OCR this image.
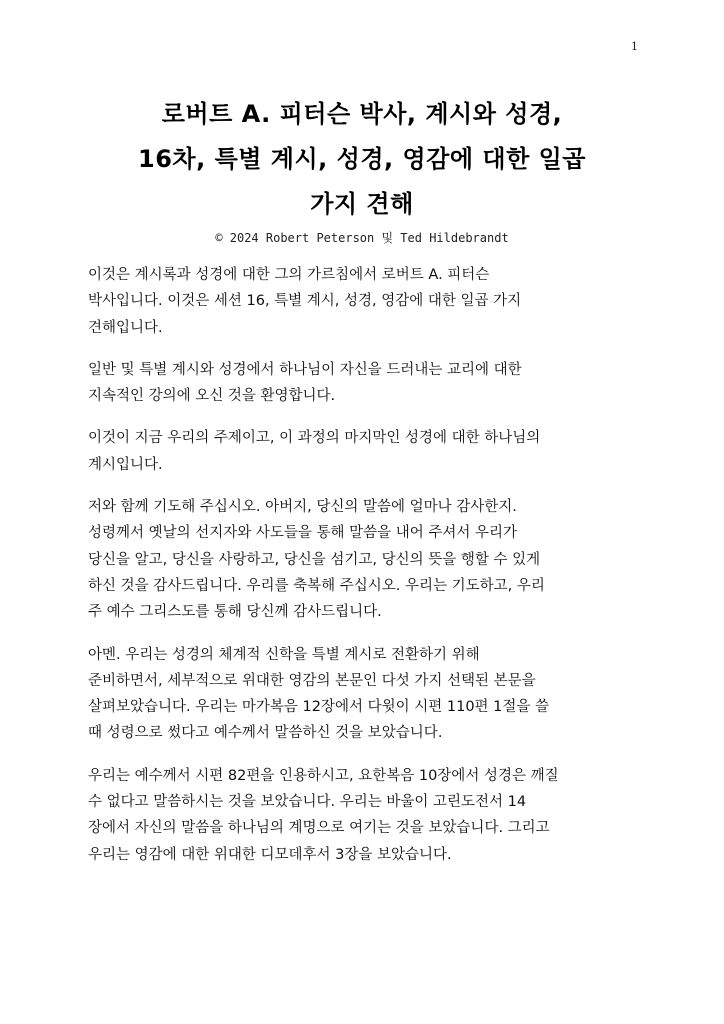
1
로버트 A. 피터슨 박사, 계시와 성경,
16차, 특별 계시, 성경, 영감에 대한 일곱
가지 견해
© 2024 Robert Peterson 및 Ted Hildebrandt
이것은 계시록과 성경에 대한 그의 가르침에서 로버트 A. 피터슨
박사입니다. 이것은 세션 16, 특별 계시, 성경, 영감에 대한 일곱 가지
견해입니다.
일반 및 특별 계시와 성경에서 하나님이 자신을 드러내는 교리에 대한
지속적인 강의에 오신 것을 환영합니다.
이것이 지금 우리의 주제이고, 이 과정의 마지막인 성경에 대한 하나님의
계시입니다.
저와 함께 기도해 주십시오. 아버지, 당신의 말씀에 얼마나 감사한지.
성령께서 옛날의 선지자와 사도들을 통해 말씀을 내어 주셔서 우리가
당신을 알고, 당신을 사랑하고, 당신을 섬기고, 당신의 뜻을 행할 수 있게
하신 것을 감사드립니다. 우리를 축복해 주십시오. 우리는 기도하고, 우리
주 예수 그리스도를 통해 당신께 감사드립니다.
아멘. 우리는 성경의 체계적 신학을 특별 계시로 전환하기 위해
준비하면서, 세부적으로 위대한 영감의 본문인 다섯 가지 선택된 본문을
살펴보았습니다. 우리는 마가복음 12장에서 다윗이 시편 110편 1절을 쓸
때 성령으로 썼다고 예수께서 말씀하신 것을 보았습니다.
우리는 예수께서 시편 82편을 인용하시고, 요한복음 10장에서 성경은 깨질
수 없다고 말씀하시는 것을 보았습니다. 우리는 바울이 고린도전서 14
장에서 자신의 말씀을 하나님의 계명으로 여기는 것을 보았습니다. 그리고
우리는 영감에 대한 위대한 디모데후서 3장을 보았습니다.
